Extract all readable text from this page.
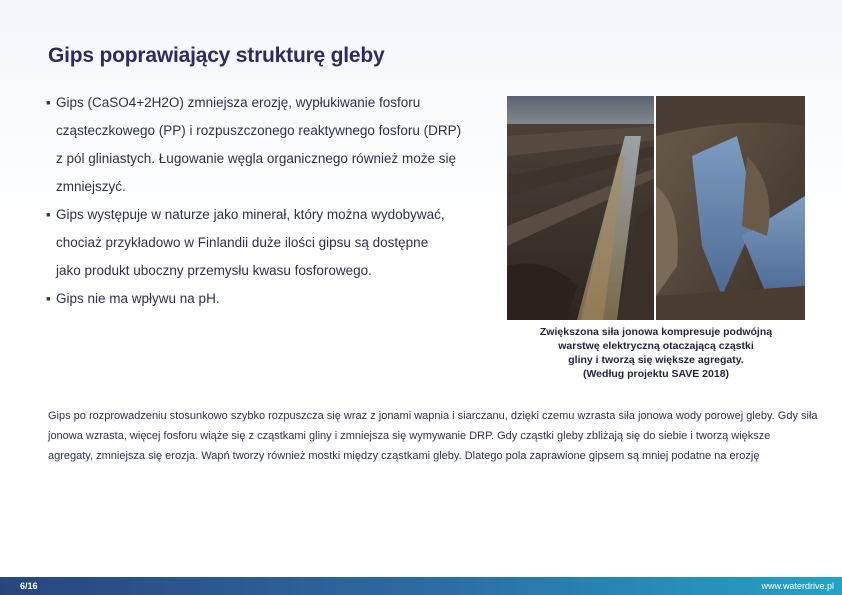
Gips poprawiający strukturę gleby
▪ Gips (CaSO4+2H2O) zmniejsza erozję, wypłukiwanie fosforu
cząsteczkowego (PP) i rozpuszczonego reaktywnego fosforu (DRP)
z pól gliniastych. Ługowanie węgla organicznego również może się
zmniejszyć.
▪ Gips występuje w naturze jako minerał, który można wydobywać,
chociaż przykładowo w Finlandii duże ilości gipsu są dostępne
jako produkt uboczny przemysłu kwasu fosforowego.
▪ Gips nie ma wpływu na pH.
Zwiększona siła jonowa kompresuje podwójną
warstwę elektryczną otaczającą cząstki
gliny i tworzą się większe agregaty.
(Według projektu SAVE 2018)

Gips po rozprowadzeniu stosunkowo szybko rozpuszcza się wraz z jonami wapnia i siarczanu, dzięki czemu wzrasta siła jonowa wody porowej gleby. Gdy siła jonowa wzrasta, więcej fosforu wiąże się z cząstkami gliny i zmniejsza się wymywanie DRP. Gdy cząstki gleby zbliżają się do siebie i tworzą większe agregaty, zmniejsza się erozja. Wapń tworzy również mostki między cząstkami gleby. Dlatego pola zaprawione gipsem są mniej podatne na erozję

6/16	www.waterdrive.pl
